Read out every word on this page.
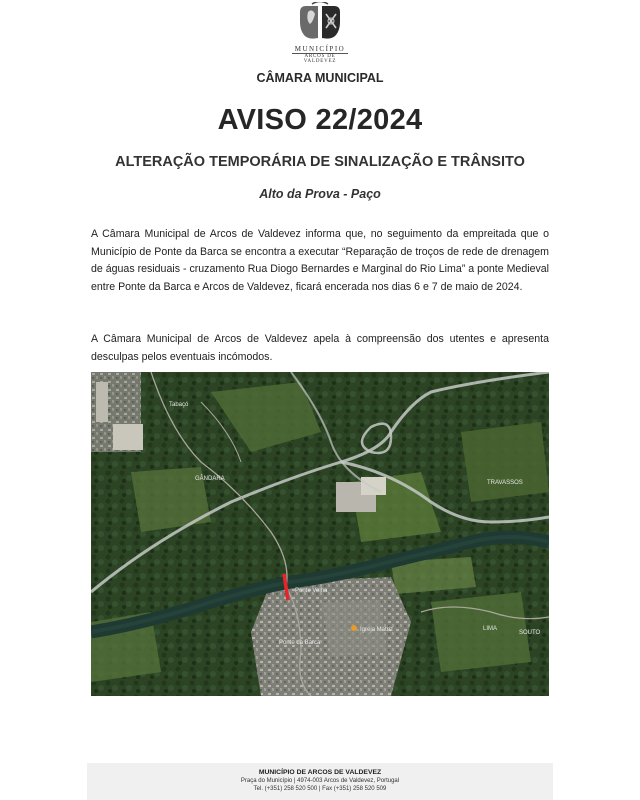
MUNICÍPIO
ARCOS DE VALDEVEZ
CÂMARA MUNICIPAL
AVISO 22/2024
ALTERAÇÃO TEMPORÁRIA DE SINALIZAÇÃO E TRÂNSITO
Alto da Prova - Paço

A Câmara Municipal de Arcos de Valdevez informa que, no seguimento da empreitada que o Município de Ponte da Barca se encontra a executar “Reparação de troços de rede de drenagem de águas residuais - cruzamento Rua Diogo Bernardes e Marginal do Rio Lima” a ponte Medieval entre Ponte da Barca e Arcos de Valdevez, ficará encerada nos dias 6 e 7 de maio de 2024.

A Câmara Municipal de Arcos de Valdevez apela à compreensão dos utentes e apresenta desculpas pelos eventuais incómodos.

Tabaçó
GÂNDARA
TRAVASSOS
Ponte Velha
Igreja Matriz	LIMA
SOUTO
Ponte da Barca
MUNICÍPIO DE ARCOS DE VALDEVEZ
Praça do Município | 4974-003 Arcos de Valdevez, Portugal
Tel. (+351) 258 520 500 | Fax (+351) 258 520 509
